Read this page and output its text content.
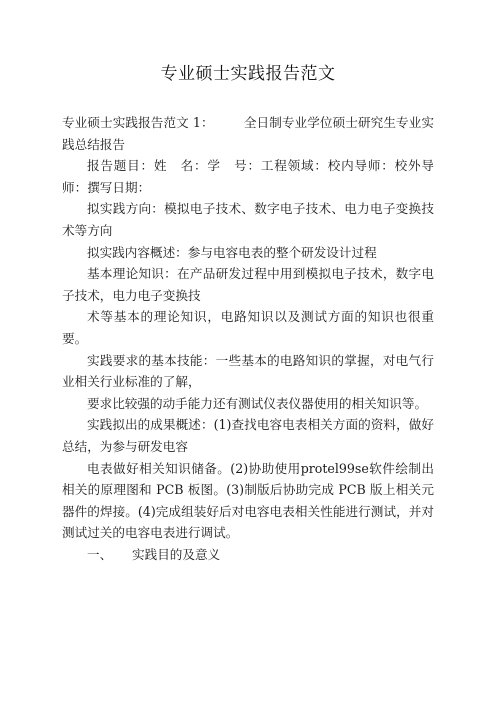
专业硕士实践报告范文

专业硕士实践报告范文 1： 全日制专业学位硕士研究生专业实践总结报告

报告题目：姓　名：学　号：工程领域：校内导师：校外导师：撰写日期：

拟实践方向：模拟电子技术、数字电子技术、电力电子变换技术等方向

拟实践内容概述：参与电容电表的整个研发设计过程

基本理论知识：在产品研发过程中用到模拟电子技术，数字电子技术，电力电子变换技

术等基本的理论知识，电路知识以及测试方面的知识也很重要。

实践要求的基本技能：一些基本的电路知识的掌握，对电气行业相关行业标准的了解，

要求比较强的动手能力还有测试仪表仪器使用的相关知识等。

实践拟出的成果概述：(1)查找电容电表相关方面的资料，做好总结，为参与研发电容

电表做好相关知识储备。(2)协助使用protel99se软件绘制出相关的原理图和 PCB 板图。(3)制版后协助完成 PCB 版上相关元器件的焊接。(4)完成组装好后对电容电表相关性能进行测试，并对测试过关的电容电表进行调试。

一、 实践目的及意义
